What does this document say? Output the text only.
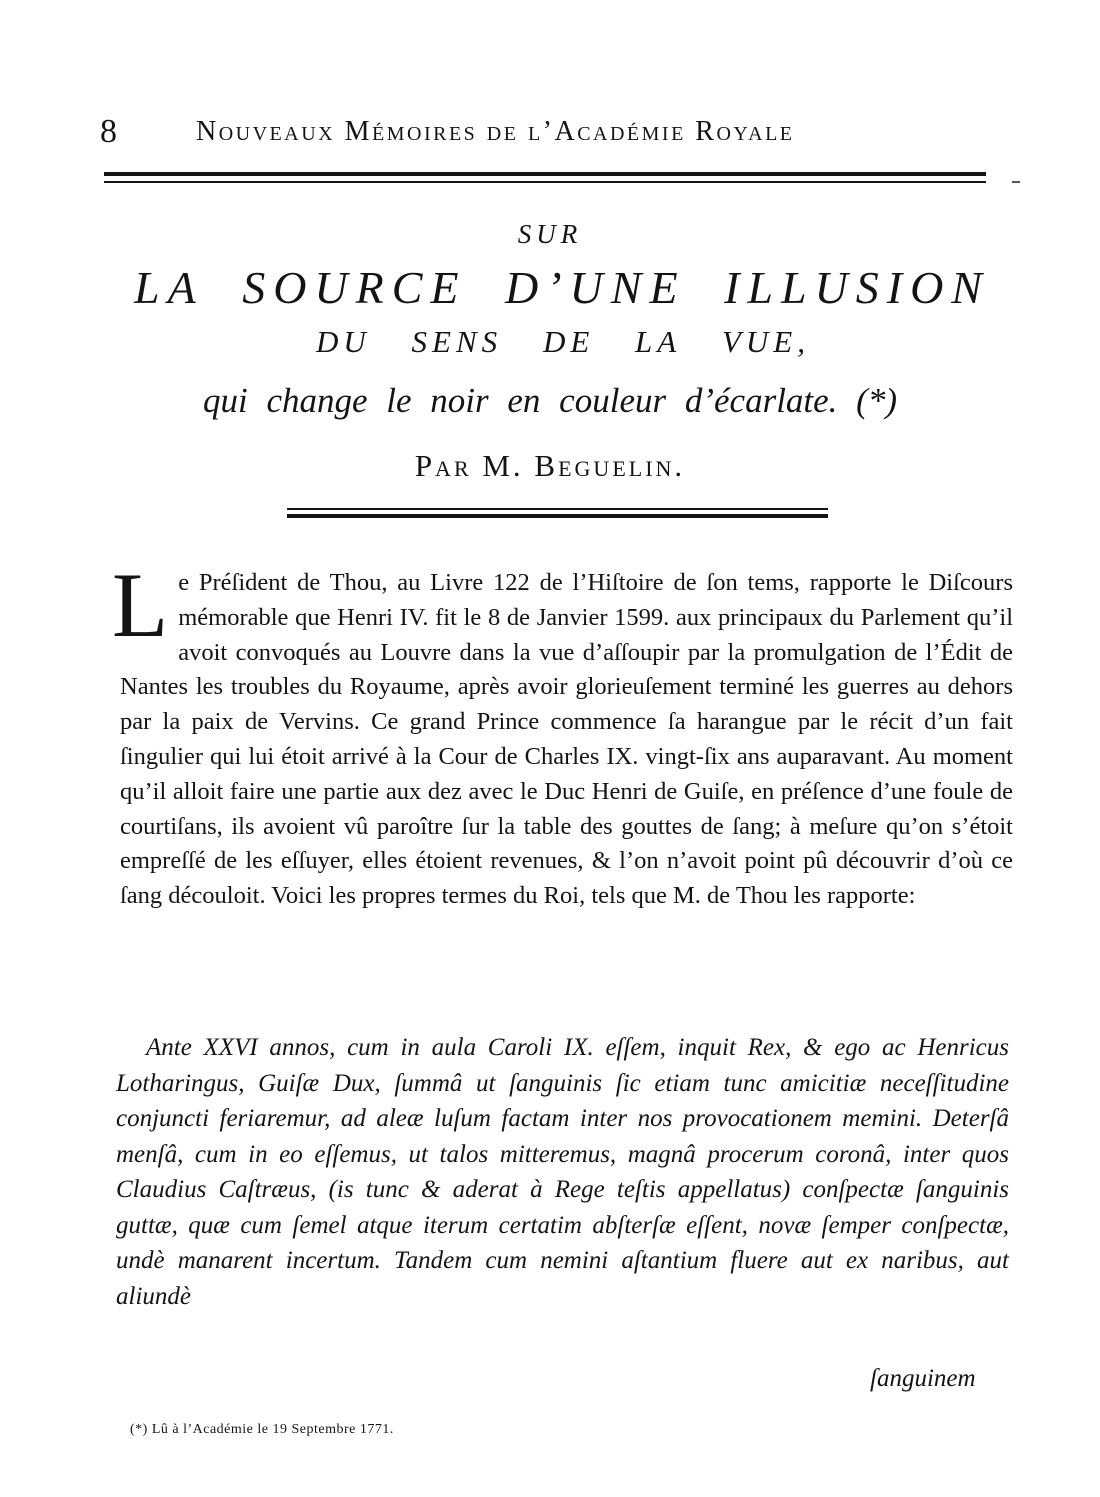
8	Nouveaux Mémoires de l’Académie Royale
SUR
LA SOURCE D’UNE ILLUSION
DU SENS DE LA VUE,
qui change le noir en couleur d’écarlate. (*)
Par M. Beguelin.
L e Préſident de Thou, au Livre 122 de l’Hiſtoire de ſon tems, rapporte le Diſcours mémorable que Henri IV. fit le 8 de Janvier 1599. aux principaux du Parlement qu’il avoit convoqués au Louvre dans la vue d’aſſoupir par la promulgation de l’Édit de Nantes les troubles du Royaume, après avoir glorieuſement terminé les guerres au dehors par la paix de Vervins. Ce grand Prince commence ſa harangue par le récit d’un fait ſingulier qui lui étoit arrivé à la Cour de Charles IX. vingt-ſix ans auparavant. Au moment qu’il alloit faire une partie aux dez avec le Duc Henri de Guiſe, en préſence d’une foule de courtiſans, ils avoient vû paroître ſur la table des gouttes de ſang; à meſure qu’on s’étoit empreſſé de les eſſuyer, elles étoient revenues, & l’on n’avoit point pû découvrir d’où ce ſang découloit. Voici les propres termes du Roi, tels que M. de Thou les rapporte:

Ante XXVI annos, cum in aula Caroli IX. eſſem, inquit Rex, & ego ac Henricus Lotharingus, Guiſæ Dux, ſummâ ut ſanguinis ſic etiam tunc amicitiæ neceſſitudine conjuncti feriaremur, ad aleæ luſum factam inter nos provocationem memini. Deterſâ menſâ, cum in eo eſſemus, ut talos mitteremus, magnâ procerum coronâ, inter quos Claudius Caſtræus, (is tunc & aderat à Rege teſtis appellatus) conſpectæ ſanguinis guttæ, quæ cum ſemel atque iterum certatim abſterſæ eſſent, novæ ſemper conſpectæ, undè manarent incertum. Tandem cum nemini aſtantium fluere aut ex naribus, aut aliundè

ſanguinem
(*) Lû à l’Académie le 19 Septembre 1771.
